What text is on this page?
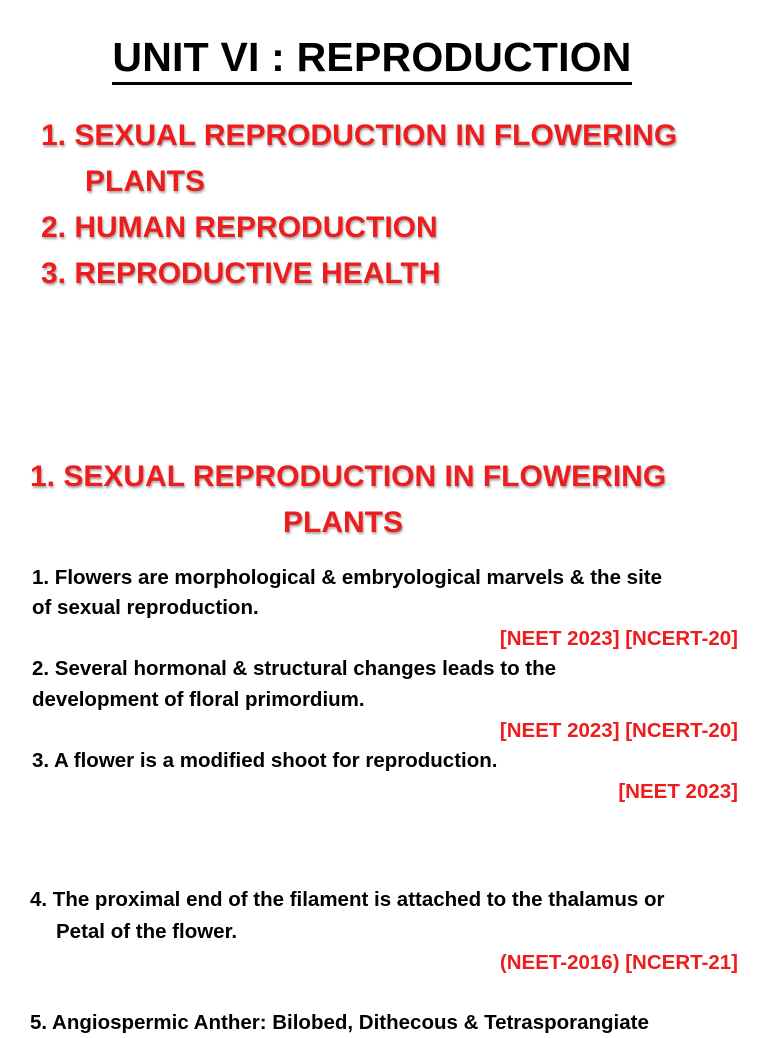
UNIT VI : REPRODUCTION
1. SEXUAL REPRODUCTION IN FLOWERING
PLANTS
2. HUMAN REPRODUCTION
3. REPRODUCTIVE HEALTH
1. SEXUAL REPRODUCTION IN FLOWERING
PLANTS
1. Flowers are morphological & embryological marvels & the site
of sexual reproduction.
[NEET 2023] [NCERT-20]
2. Several hormonal & structural changes leads to the
development of floral primordium.
[NEET 2023] [NCERT-20]
3. A flower is a modified shoot for reproduction.
[NEET 2023]
4. The proximal end of the filament is attached to the thalamus or
Petal of the flower.
(NEET-2016) [NCERT-21]
5. Angiospermic Anther: Bilobed, Dithecous & Tetrasporangiate
